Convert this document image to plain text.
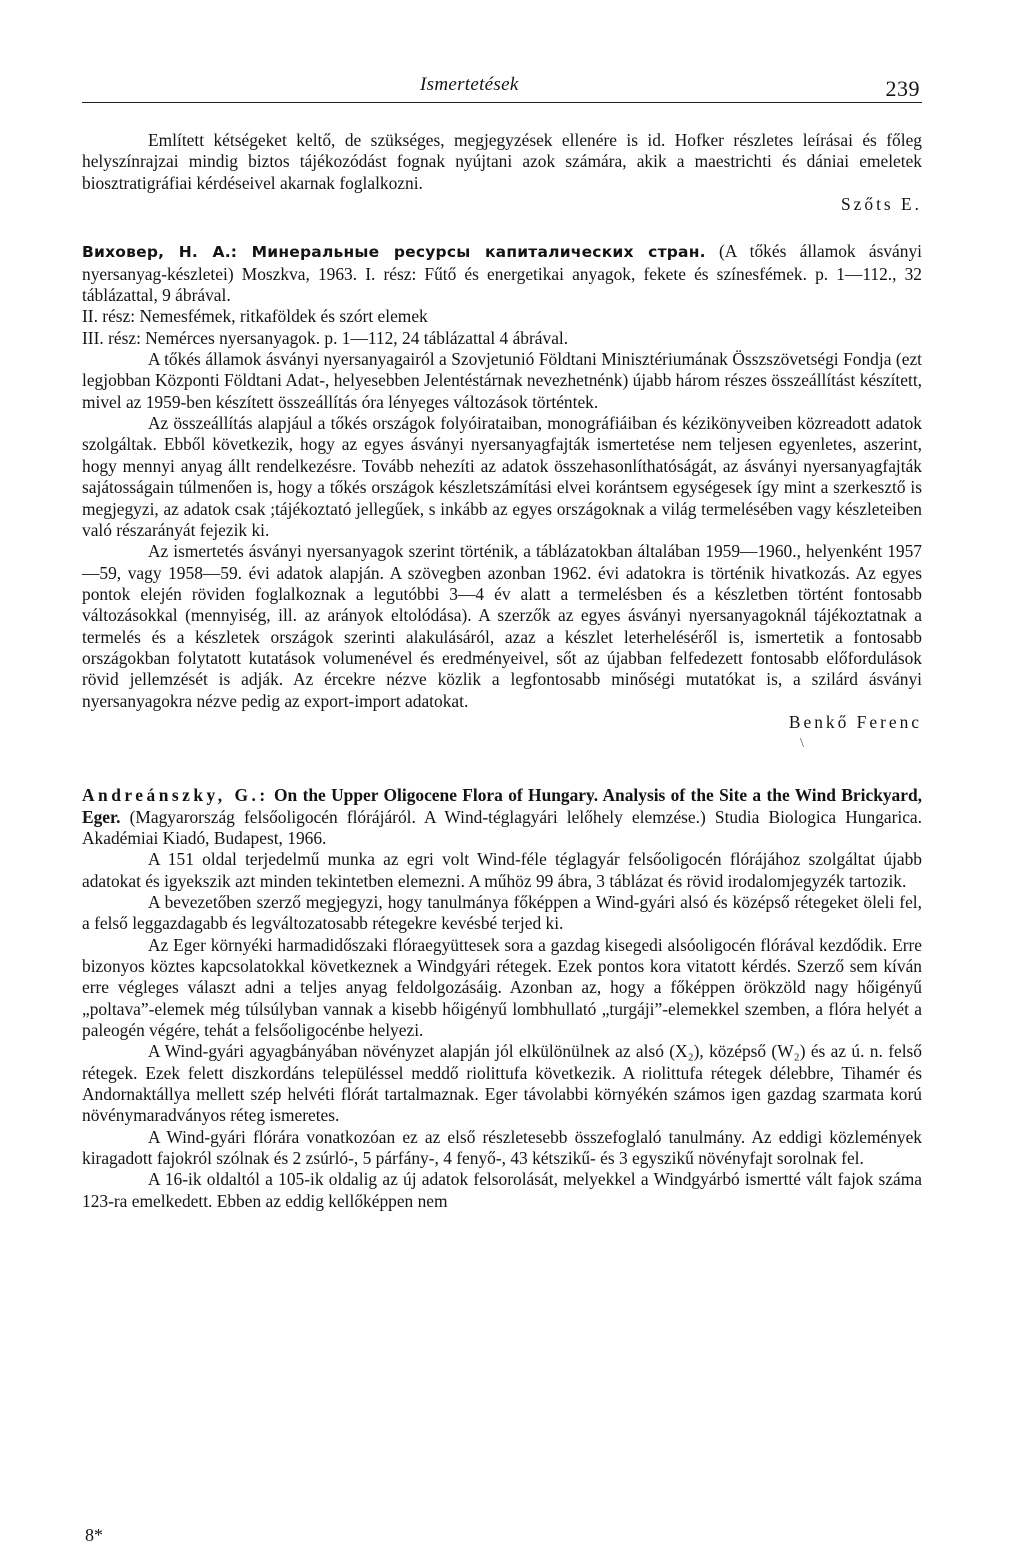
Ismertetések	239

Említett kétségeket keltő, de szükséges, megjegyzések ellenére is id. Hofker részletes leírásai és főleg helyszínrajzai mindig biztos tájékozódást fognak nyújtani azok számára, akik a maestrichti és dániai emeletek biosztratigráfiai kérdéseivel akarnak foglalkozni.

Szőts E.

Виховер, Н. А.: Минеральные ресурсы капиталических стран. (A tőkés államok ásványi nyersanyag-készletei) Moszkva, 1963. I. rész: Fűtő és energetikai anyagok, fekete és színesfémek. p. 1—112., 32 táblázattal, 9 ábrával.

II. rész: Nemesfémek, ritkaföldek és szórt elemek

III. rész: Nemérces nyersanyagok. p. 1—112, 24 táblázattal 4 ábrával.

A tőkés államok ásványi nyersanyagairól a Szovjetunió Földtani Minisztériumának Összszövetségi Fondja (ezt legjobban Központi Földtani Adat-, helyesebben Jelentéstárnak nevezhetnénk) újabb három részes összeállítást készített, mivel az 1959-ben készített összeállítás óra lényeges változások történtek.

Az összeállítás alapjául a tőkés országok folyóirataiban, monográfiáiban és kézikönyveiben közreadott adatok szolgáltak. Ebből következik, hogy az egyes ásványi nyersanyagfajták ismertetése nem teljesen egyenletes, aszerint, hogy mennyi anyag állt rendelkezésre. Tovább nehezíti az adatok összehasonlíthatóságát, az ásványi nyersanyagfajták sajátosságain túlmenően is, hogy a tőkés országok készletszámítási elvei korántsem egységesek így mint a szerkesztő is megjegyzi, az adatok csak ;tájékoztató jellegűek, s inkább az egyes országoknak a világ termelésében vagy készleteiben való részarányát fejezik ki.

Az ismertetés ásványi nyersanyagok szerint történik, a táblázatokban általában 1959—1960., helyenként 1957—59, vagy 1958—59. évi adatok alapján. A szövegben azonban 1962. évi adatokra is történik hivatkozás. Az egyes pontok elején röviden foglalkoznak a legutóbbi 3—4 év alatt a termelésben és a készletben történt fontosabb változásokkal (mennyiség, ill. az arányok eltolódása). A szerzők az egyes ásványi nyersanyagoknál tájékoztatnak a termelés és a készletek országok szerinti alakulásáról, azaz a készlet leterheléséről is, ismertetik a fontosabb országokban folytatott kutatások volumenével és eredményeivel, sőt az újabban felfedezett fontosabb előfordulások rövid jellemzését is adják. Az ércekre nézve közlik a legfontosabb minőségi mutatókat is, a szilárd ásványi nyersanyagokra nézve pedig az export-import adatokat.

Benkő Ferenc

\

Andreánszky, G.: On the Upper Oligocene Flora of Hungary. Analysis of the Site a the Wind Brickyard, Eger. (Magyarország felsőoligocén flórájáról. A Wind-téglagyári lelőhely elemzése.) Studia Biologica Hungarica. Akadémiai Kiadó, Budapest, 1966.

A 151 oldal terjedelmű munka az egri volt Wind-féle téglagyár felsőoligocén flórájához szolgáltat újabb adatokat és igyekszik azt minden tekintetben elemezni. A műhöz 99 ábra, 3 táblázat és rövid irodalomjegyzék tartozik.

A bevezetőben szerző megjegyzi, hogy tanulmánya főképpen a Wind-gyári alsó és középső rétegeket öleli fel, a felső leggazdagabb és legváltozatosabb rétegekre kevésbé terjed ki.

Az Eger környéki harmadidőszaki flóraegyüttesek sora a gazdag kisegedi alsóoligocén flórával kezdődik. Erre bizonyos köztes kapcsolatokkal következnek a Windgyári rétegek. Ezek pontos kora vitatott kérdés. Szerző sem kíván erre végleges választ adni a teljes anyag feldolgozásáig. Azonban az, hogy a főképpen örökzöld nagy hőigényű „poltava”-elemek még túlsúlyban vannak a kisebb hőigényű lombhullató „turgáji”-elemekkel szemben, a flóra helyét a paleogén végére, tehát a felsőoligocénbe helyezi.

A Wind-gyári agyagbányában növényzet alapján jól elkülönülnek az alsó (X₂), középső (W₂) és az ú. n. felső rétegek. Ezek felett diszkordáns településsel meddő riolittufa következik. A riolittufa rétegek délebbre, Tihamér és Andornaktállya mellett szép helvéti flórát tartalmaznak. Eger távolabbi környékén számos igen gazdag szarmata korú növénymaradványos réteg ismeretes.

A Wind-gyári flórára vonatkozóan ez az első részletesebb összefoglaló tanulmány. Az eddigi közlemények kiragadott fajokról szólnak és 2 zsúrló-, 5 párfány-, 4 fenyő-, 43 kétszikű- és 3 egyszikű növényfajt sorolnak fel.

A 16-ik oldaltól a 105-ik oldalig az új adatok felsorolását, melyekkel a Windgyárbó ismertté vált fajok száma 123-ra emelkedett. Ebben az eddig kellőképpen nem

8*
